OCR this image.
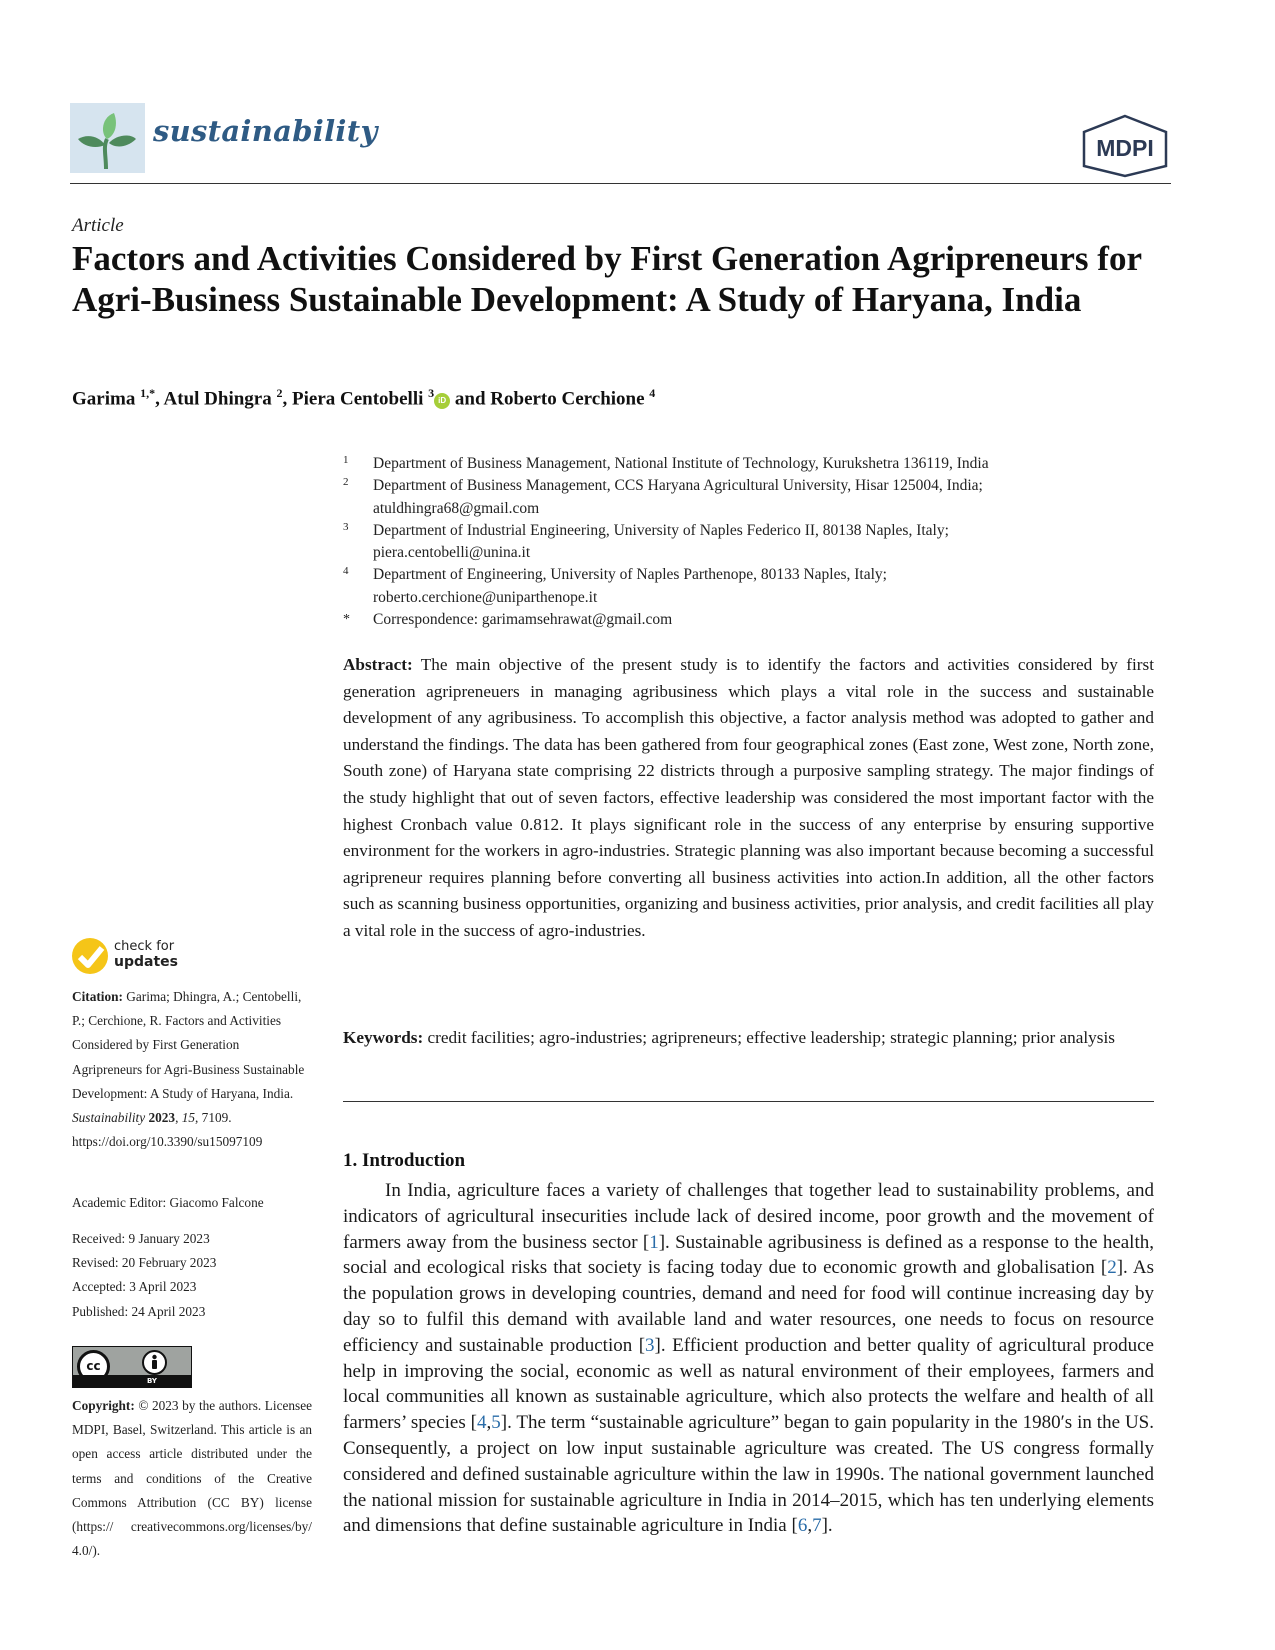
sustainability	MDPI
Article
Factors and Activities Considered by First Generation Agripreneurs for Agri-Business Sustainable Development: A Study of Haryana, India
Garima $^{1,*}$, Atul Dhingra $^2$, Piera Centobelli $^3$iD and Roberto Cerchione $^4$
1 Department of Business Management, National Institute of Technology, Kurukshetra 136119, India
2 Department of Business Management, CCS Haryana Agricultural University, Hisar 125004, India;
atuldhingra68@gmail.com
3 Department of Industrial Engineering, University of Naples Federico II, 80138 Naples, Italy;
piera.centobelli@unina.it
4 Department of Engineering, University of Naples Parthenope, 80133 Naples, Italy;
roberto.cerchione@uniparthenope.it
* Correspondence: garimamsehrawat@gmail.com
Abstract: The main objective of the present study is to identify the factors and activities considered by first generation agripreneuers in managing agribusiness which plays a vital role in the success and sustainable development of any agribusiness. To accomplish this objective, a factor analysis method was adopted to gather and understand the findings. The data has been gathered from four geographical zones (East zone, West zone, North zone, South zone) of Haryana state comprising 22 districts through a purposive sampling strategy. The major findings of the study highlight that out of seven factors, effective leadership was considered the most important factor with the highest Cronbach value 0.812. It plays significant role in the success of any enterprise by ensuring supportive environment for the workers in agro-industries. Strategic planning was also important because becoming a successful agripreneur requires planning before converting all business activities into action.In addition, all the other factors such as scanning business opportunities, organizing and business activities, prior analysis, and credit facilities all play a vital role in the success of agro-industries.
Keywords: credit facilities; agro-industries; agripreneurs; effective leadership; strategic planning; prior analysis
1. Introduction
In India, agriculture faces a variety of challenges that together lead to sustainability problems, and indicators of agricultural insecurities include lack of desired income, poor growth and the movement of farmers away from the business sector [1]. Sustainable agribusiness is defined as a response to the health, social and ecological risks that society is facing today due to economic growth and globalisation [2]. As the population grows in developing countries, demand and need for food will continue increasing day by day so to fulfil this demand with available land and water resources, one needs to focus on resource efficiency and sustainable production [3]. Efficient production and better quality of agricultural produce help in improving the social, economic as well as natural environment of their employees, farmers and local communities all known as sustainable agriculture, which also protects the welfare and health of all farmers’ species [4,5]. The term “sustainable agriculture” began to gain popularity in the 1980′s in the US. Consequently, a project on low input sustainable agriculture was created. The US congress formally considered and defined sustainable agriculture within the law in 1990s. The national government launched the national mission for sustainable agriculture in India in 2014–2015, which has ten underlying elements and dimensions that define sustainable agriculture in India [6,7].
check for
updates
Citation: Garima; Dhingra, A.; Centobelli, P.; Cerchione, R. Factors and Activities Considered by First Generation Agripreneurs for Agri-Business Sustainable Development: A Study of Haryana, India. Sustainability 2023, 15, 7109.
https://doi.org/10.3390/su15097109
Academic Editor: Giacomo Falcone
Received: 9 January 2023
Revised: 20 February 2023
Accepted: 3 April 2023
Published: 24 April 2023
cc
BY
Copyright: © 2023 by the authors. Licensee MDPI, Basel, Switzerland. This article is an open access article distributed under the terms and conditions of the Creative Commons Attribution (CC BY) license (https:// creativecommons.org/licenses/by/ 4.0/).
